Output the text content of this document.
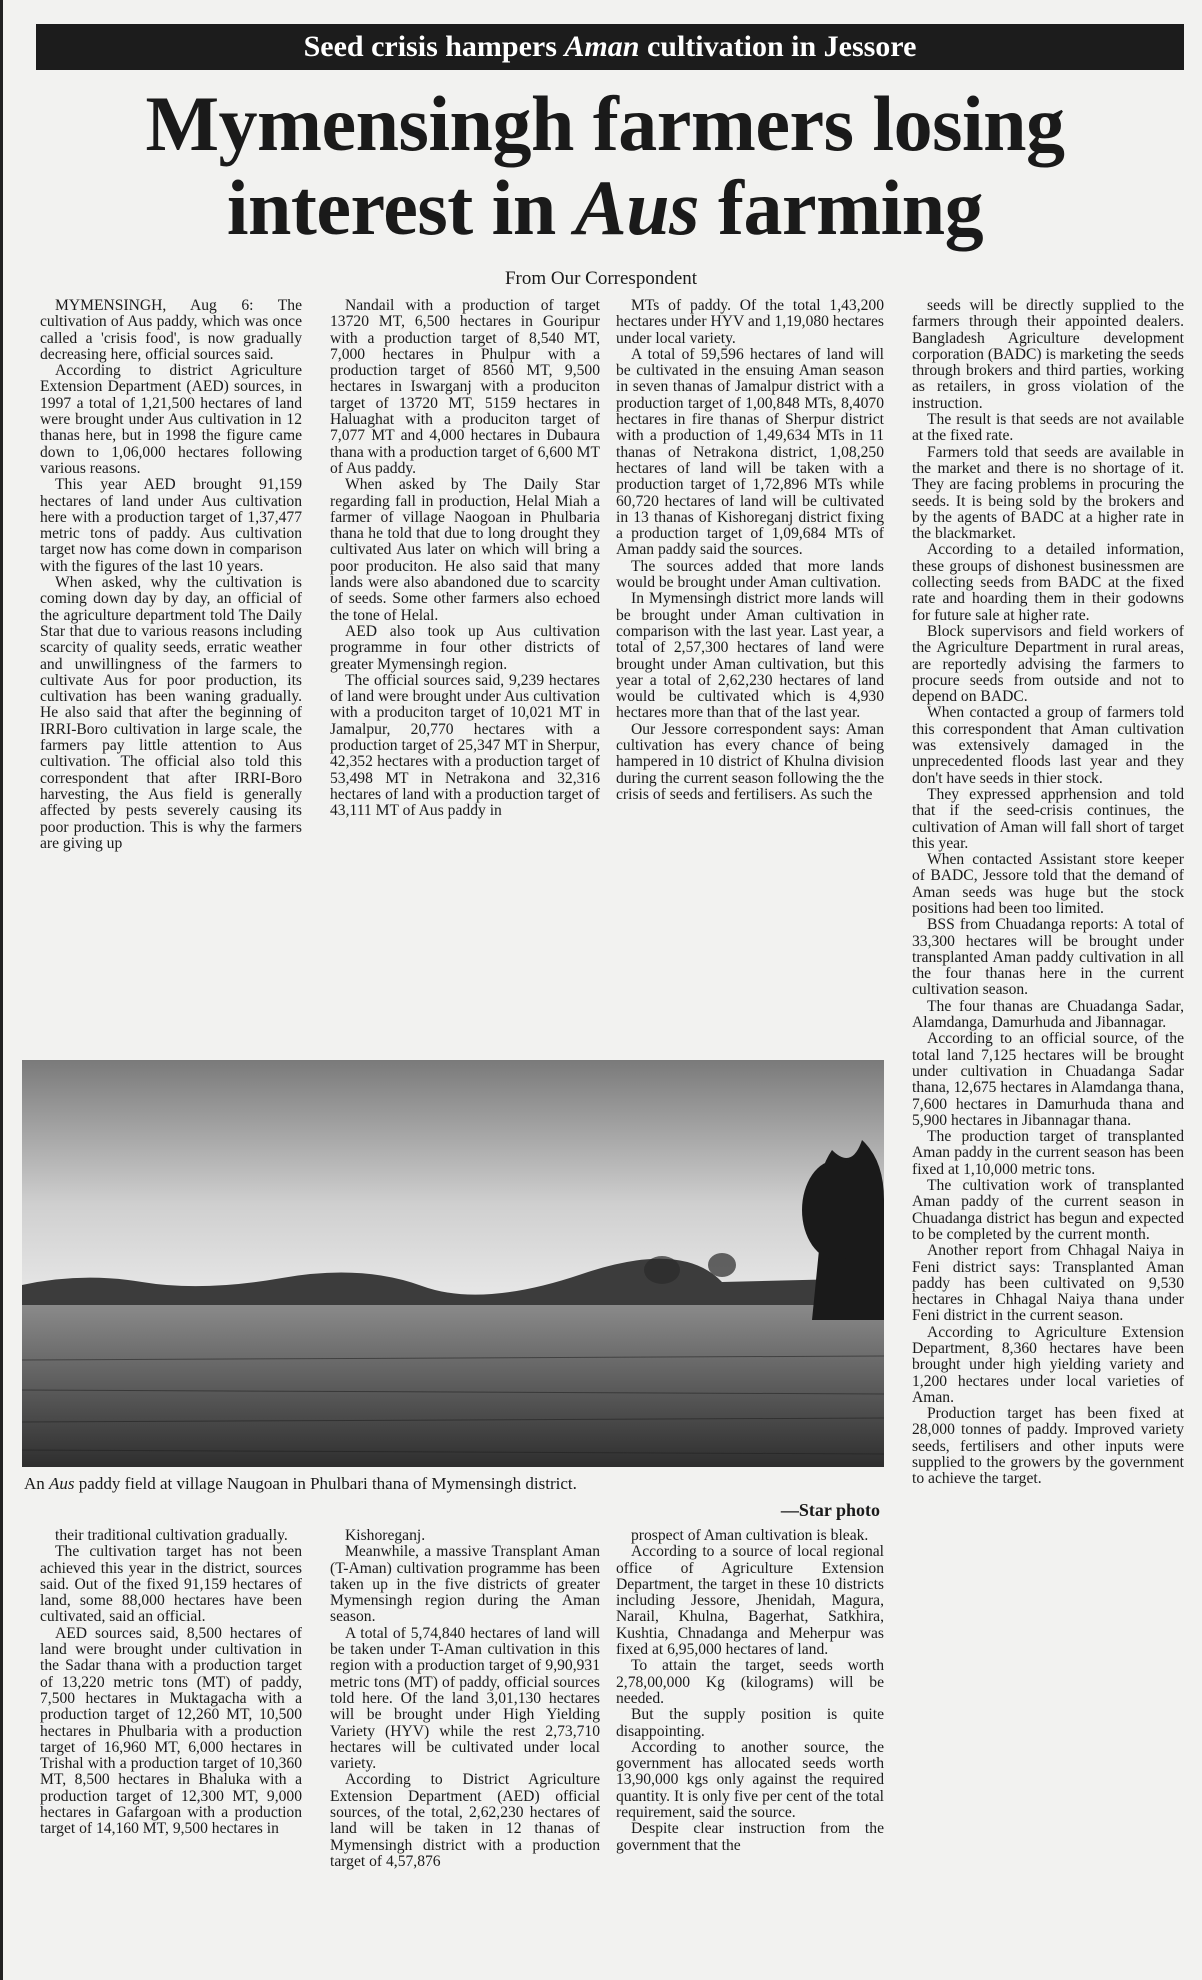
Seed crisis hampers Aman cultivation in Jessore
Mymensingh farmers losing
interest in Aus farming
From Our Correspondent

MYMENSINGH, Aug 6: The cultivation of Aus paddy, which was once called a 'crisis food', is now gradually decreasing here, official sources said.

According to district Agriculture Extension Department (AED) sources, in 1997 a total of 1,21,500 hectares of land were brought under Aus cultivation in 12 thanas here, but in 1998 the figure came down to 1,06,000 hectares following various reasons.

This year AED brought 91,159 hectares of land under Aus cultivation here with a production target of 1,37,477 metric tons of paddy. Aus cultivation target now has come down in comparison with the figures of the last 10 years.

When asked, why the cultivation is coming down day by day, an official of the agriculture department told The Daily Star that due to various reasons including scarcity of quality seeds, erratic weather and unwillingness of the farmers to cultivate Aus for poor production, its cultivation has been waning gradually. He also said that after the beginning of IRRI-Boro cultivation in large scale, the farmers pay little attention to Aus cultivation. The official also told this correspondent that after IRRI-Boro harvesting, the Aus field is generally affected by pests severely causing its poor production. This is why the farmers are giving up

Nandail with a production of target 13720 MT, 6,500 hectares in Gouripur with a production target of 8,540 MT, 7,000 hectares in Phulpur with a production target of 8560 MT, 9,500 hectares in Iswarganj with a produciton target of 13720 MT, 5159 hectares in Haluaghat with a produciton target of 7,077 MT and 4,000 hectares in Dubaura thana with a production target of 6,600 MT of Aus paddy.

When asked by The Daily Star regarding fall in production, Helal Miah a farmer of village Naogoan in Phulbaria thana he told that due to long drought they cultivated Aus later on which will bring a poor produciton. He also said that many lands were also abandoned due to scarcity of seeds. Some other farmers also echoed the tone of Helal.

AED also took up Aus cultivation programme in four other districts of greater Mymensingh region.

The official sources said, 9,239 hectares of land were brought under Aus cultivation with a produciton target of 10,021 MT in Jamalpur, 20,770 hectares with a production target of 25,347 MT in Sherpur, 42,352 hectares with a production target of 53,498 MT in Netrakona and 32,316 hectares of land with a production target of 43,111 MT of Aus paddy in

MTs of paddy. Of the total 1,43,200 hectares under HYV and 1,19,080 hectares under local variety.

A total of 59,596 hectares of land will be cultivated in the ensuing Aman season in seven thanas of Jamalpur district with a production target of 1,00,848 MTs, 8,4070 hectares in fire thanas of Sherpur district with a production of 1,49,634 MTs in 11 thanas of Netrakona district, 1,08,250 hectares of land will be taken with a production target of 1,72,896 MTs while 60,720 hectares of land will be cultivated in 13 thanas of Kishoreganj district fixing a production target of 1,09,684 MTs of Aman paddy said the sources.

The sources added that more lands would be brought under Aman cultivation.

In Mymensingh district more lands will be brought under Aman cultivation in comparison with the last year. Last year, a total of 2,57,300 hectares of land were brought under Aman cultivation, but this year a total of 2,62,230 hectares of land would be cultivated which is 4,930 hectares more than that of the last year.

Our Jessore correspondent says: Aman cultivation has every chance of being hampered in 10 district of Khulna division during the current season following the the crisis of seeds and fertilisers. As such the

seeds will be directly supplied to the farmers through their appointed dealers. Bangladesh Agriculture development corporation (BADC) is marketing the seeds through brokers and third parties, working as retailers, in gross violation of the instruction.

The result is that seeds are not available at the fixed rate.

Farmers told that seeds are available in the market and there is no shortage of it. They are facing problems in procuring the seeds. It is being sold by the brokers and by the agents of BADC at a higher rate in the blackmarket.

According to a detailed information, these groups of dishonest businessmen are collecting seeds from BADC at the fixed rate and hoarding them in their godowns for future sale at higher rate.

Block supervisors and field workers of the Agriculture Department in rural areas, are reportedly advising the farmers to procure seeds from outside and not to depend on BADC.

When contacted a group of farmers told this correspondent that Aman cultivation was extensively damaged in the unprecedented floods last year and they don't have seeds in thier stock.

They expressed apprhension and told that if the seed-crisis continues, the cultivation of Aman will fall short of target this year.

When contacted Assistant store keeper of BADC, Jessore told that the demand of Aman seeds was huge but the stock positions had been too limited.

BSS from Chuadanga reports: A total of 33,300 hectares will be brought under transplanted Aman paddy cultivation in all the four thanas here in the current cultivation season.

The four thanas are Chuadanga Sadar, Alamdanga, Damurhuda and Jibannagar.

According to an official source, of the total land 7,125 hectares will be brought under cultivation in Chuadanga Sadar thana, 12,675 hectares in Alamdanga thana, 7,600 hectares in Damurhuda thana and 5,900 hectares in Jibannagar thana.

The production target of transplanted Aman paddy in the current season has been fixed at 1,10,000 metric tons.

The cultivation work of transplanted Aman paddy of the current season in Chuadanga district has begun and expected to be completed by the current month.

Another report from Chhagal Naiya in Feni district says: Transplanted Aman paddy has been cultivated on 9,530 hectares in Chhagal Naiya thana under Feni district in the current season.

According to Agriculture Extension Department, 8,360 hectares have been brought under high yielding variety and 1,200 hectares under local varieties of Aman.

Production target has been fixed at 28,000 tonnes of paddy. Improved variety seeds, fertilisers and other inputs were supplied to the growers by the government to achieve the target.

An Aus paddy field at village Naugoan in Phulbari thana of Mymensingh district.
—Star photo

their traditional cultivation gradually.

The cultivation target has not been achieved this year in the district, sources said. Out of the fixed 91,159 hectares of land, some 88,000 hectares have been cultivated, said an official.

AED sources said, 8,500 hectares of land were brought under cultivation in the Sadar thana with a production target of 13,220 metric tons (MT) of paddy, 7,500 hectares in Muktagacha with a production target of 12,260 MT, 10,500 hectares in Phulbaria with a production target of 16,960 MT, 6,000 hectares in Trishal with a production target of 10,360 MT, 8,500 hectares in Bhaluka with a production target of 12,300 MT, 9,000 hectares in Gafargoan with a production target of 14,160 MT, 9,500 hectares in

Kishoreganj.

Meanwhile, a massive Transplant Aman (T-Aman) cultivation programme has been taken up in the five districts of greater Mymensingh region during the Aman season.

A total of 5,74,840 hectares of land will be taken under T-Aman cultivation in this region with a production target of 9,90,931 metric tons (MT) of paddy, official sources told here. Of the land 3,01,130 hectares will be brought under High Yielding Variety (HYV) while the rest 2,73,710 hectares will be cultivated under local variety.

According to District Agriculture Extension Department (AED) official sources, of the total, 2,62,230 hectares of land will be taken in 12 thanas of Mymensingh district with a production target of 4,57,876

prospect of Aman cultivation is bleak.

According to a source of local regional office of Agriculture Extension Department, the target in these 10 districts including Jessore, Jhenidah, Magura, Narail, Khulna, Bagerhat, Satkhira, Kushtia, Chnadanga and Meherpur was fixed at 6,95,000 hectares of land.

To attain the target, seeds worth 2,78,00,000 Kg (kilograms) will be needed.

But the supply position is quite disappointing.

According to another source, the government has allocated seeds worth 13,90,000 kgs only against the required quantity. It is only five per cent of the total requirement, said the source.

Despite clear instruction from the government that the
